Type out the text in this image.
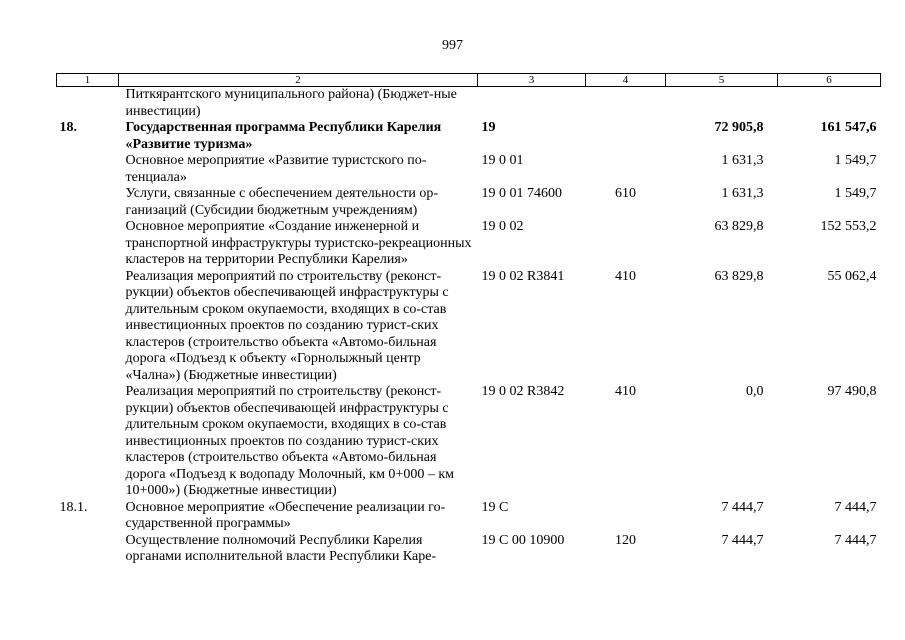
997
1	2	3	4	5	6
	Питкярантского муниципального района) (Бюджет-ные инвестиции)				
18.	Государственная программа Республики Карелия «Развитие туризма»	19		72 905,8	161 547,6
	Основное мероприятие «Развитие туристского по-тенциала»	19 0 01		1 631,3	1 549,7
	Услуги, связанные с обеспечением деятельности ор-ганизаций (Субсидии бюджетным учреждениям)	19 0 01 74600	610	1 631,3	1 549,7
	Основное мероприятие «Создание инженерной и транспортной инфраструктуры туристско-рекреационных кластеров на территории Республики Карелия»	19 0 02		63 829,8	152 553,2
	Реализация мероприятий по строительству (реконст-рукции) объектов обеспечивающей инфраструктуры с длительным сроком окупаемости, входящих в со-став инвестиционных проектов по созданию турист-ских кластеров (строительство объекта «Автомо-бильная дорога «Подъезд к объекту «Горнолыжный центр «Чална») (Бюджетные инвестиции)	19 0 02 R3841	410	63 829,8	55 062,4
	Реализация мероприятий по строительству (реконст-рукции) объектов обеспечивающей инфраструктуры с длительным сроком окупаемости, входящих в со-став инвестиционных проектов по созданию турист-ских кластеров (строительство объекта «Автомо-бильная дорога «Подъезд к водопаду Молочный, км 0+000 – км 10+000») (Бюджетные инвестиции)	19 0 02 R3842	410	0,0	97 490,8
18.1.	Основное мероприятие «Обеспечение реализации го-сударственной программы»	19 С		7 444,7	7 444,7
	Осуществление полномочий Республики Карелия органами исполнительной власти Республики Каре-	19 С 00 10900	120	7 444,7	7 444,7
